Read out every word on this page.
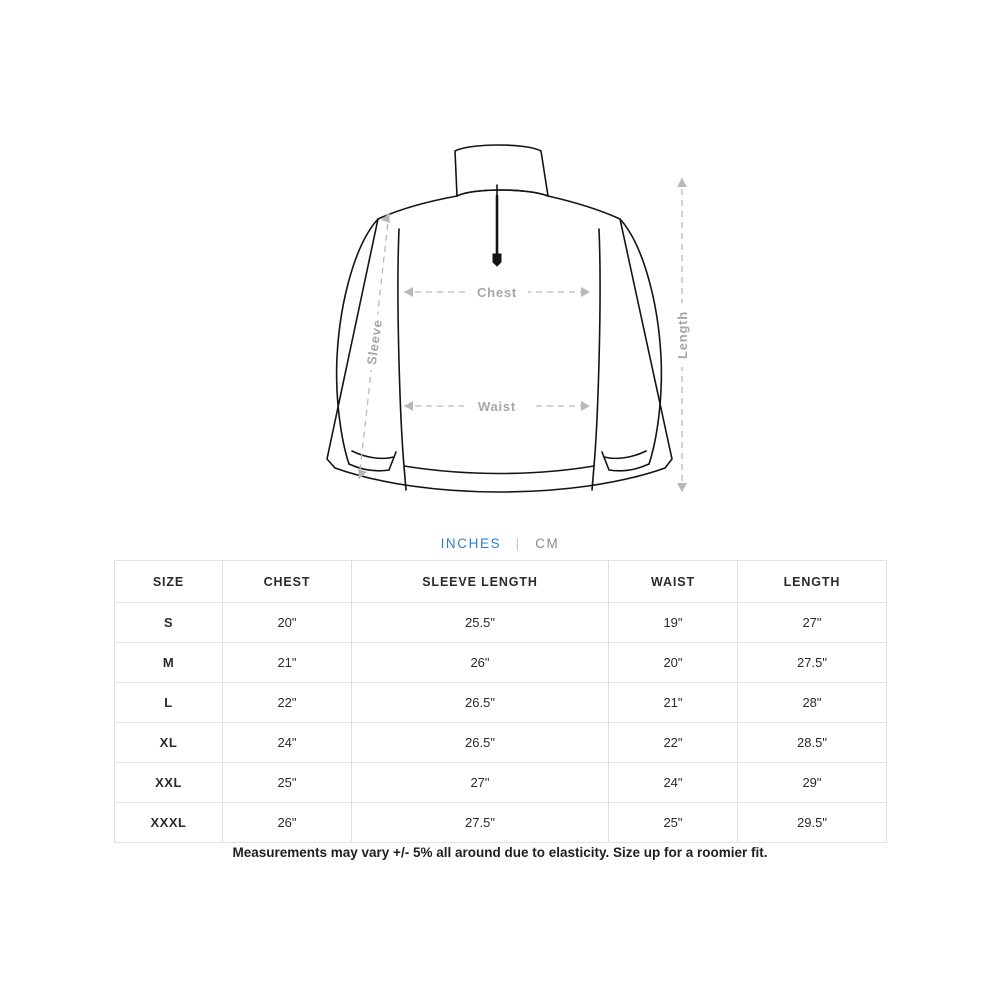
Chest
Waist
Sleeve	Length
INCHES | CM
SIZE	CHEST	SLEEVE LENGTH	WAIST	LENGTH
S	20"	25.5"	19"	27"
M	21"	26"	20"	27.5"
L	22"	26.5"	21"	28"
XL	24"	26.5"	22"	28.5"
XXL	25"	27"	24"	29"
XXXL	26"	27.5"	25"	29.5"
Measurements may vary +/- 5% all around due to elasticity. Size up for a roomier fit.
